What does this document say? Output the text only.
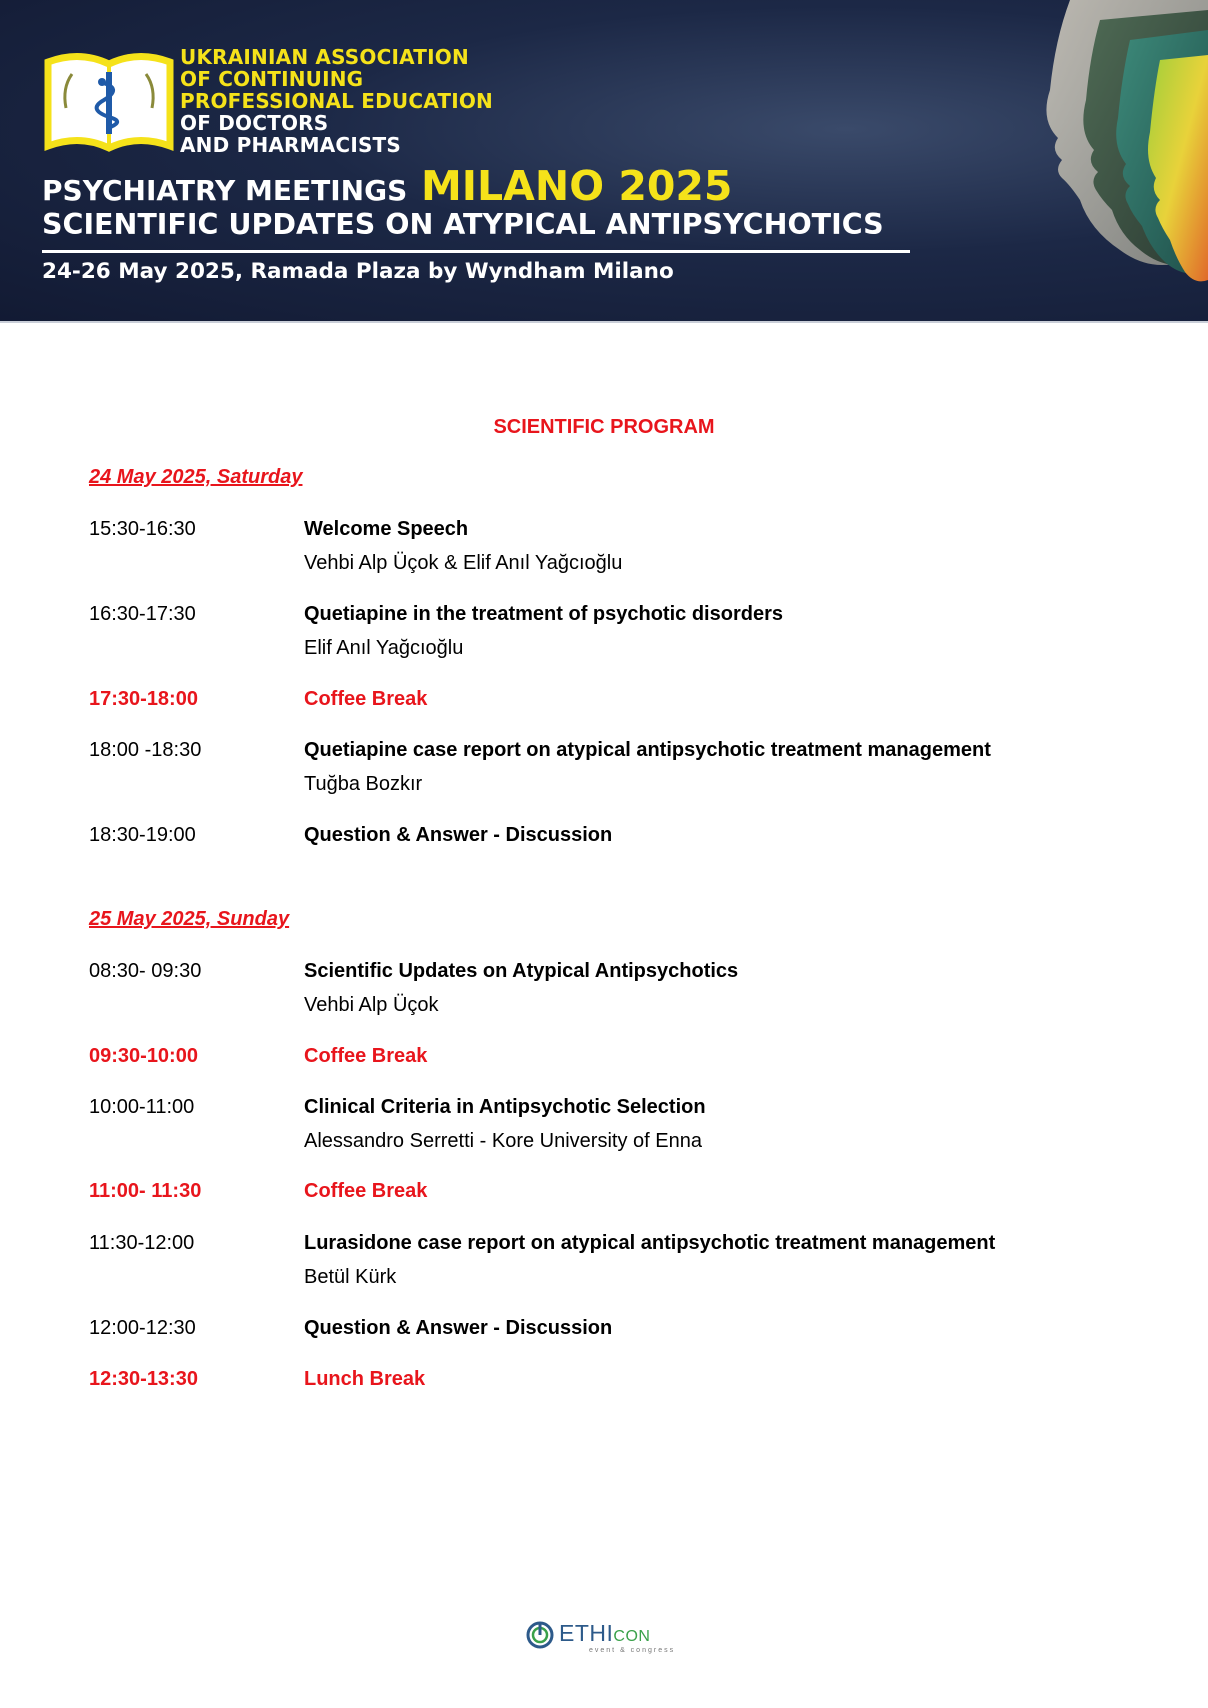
UKRAINIAN ASSOCIATION
OF CONTINUING
PROFESSIONAL EDUCATION
OF DOCTORS
AND PHARMACISTS
PSYCHIATRY MEETINGS MILANO 2025
SCIENTIFIC UPDATES ON ATYPICAL ANTIPSYCHOTICS
24-26 May 2025, Ramada Plaza by Wyndham Milano
SCIENTIFIC PROGRAM
24 May 2025, Saturday
15:30-16:30	Welcome Speech
Vehbi Alp Üçok & Elif Anıl Yağcıoğlu
16:30-17:30	Quetiapine in the treatment of psychotic disorders
Elif Anıl Yağcıoğlu
17:30-18:00	Coffee Break
18:00 -18:30	Quetiapine case report on atypical antipsychotic treatment management
Tuğba Bozkır
18:30-19:00	Question & Answer - Discussion
25 May 2025, Sunday
08:30- 09:30	Scientific Updates on Atypical Antipsychotics
Vehbi Alp Üçok
09:30-10:00	Coffee Break
10:00-11:00	Clinical Criteria in Antipsychotic Selection
Alessandro Serretti - Kore University of Enna
11:00- 11:30	Coffee Break
11:30-12:00	Lurasidone case report on atypical antipsychotic treatment management
Betül Kürk
12:00-12:30	Question & Answer - Discussion
12:30-13:30	Lunch Break
ETHICON
event & congress
